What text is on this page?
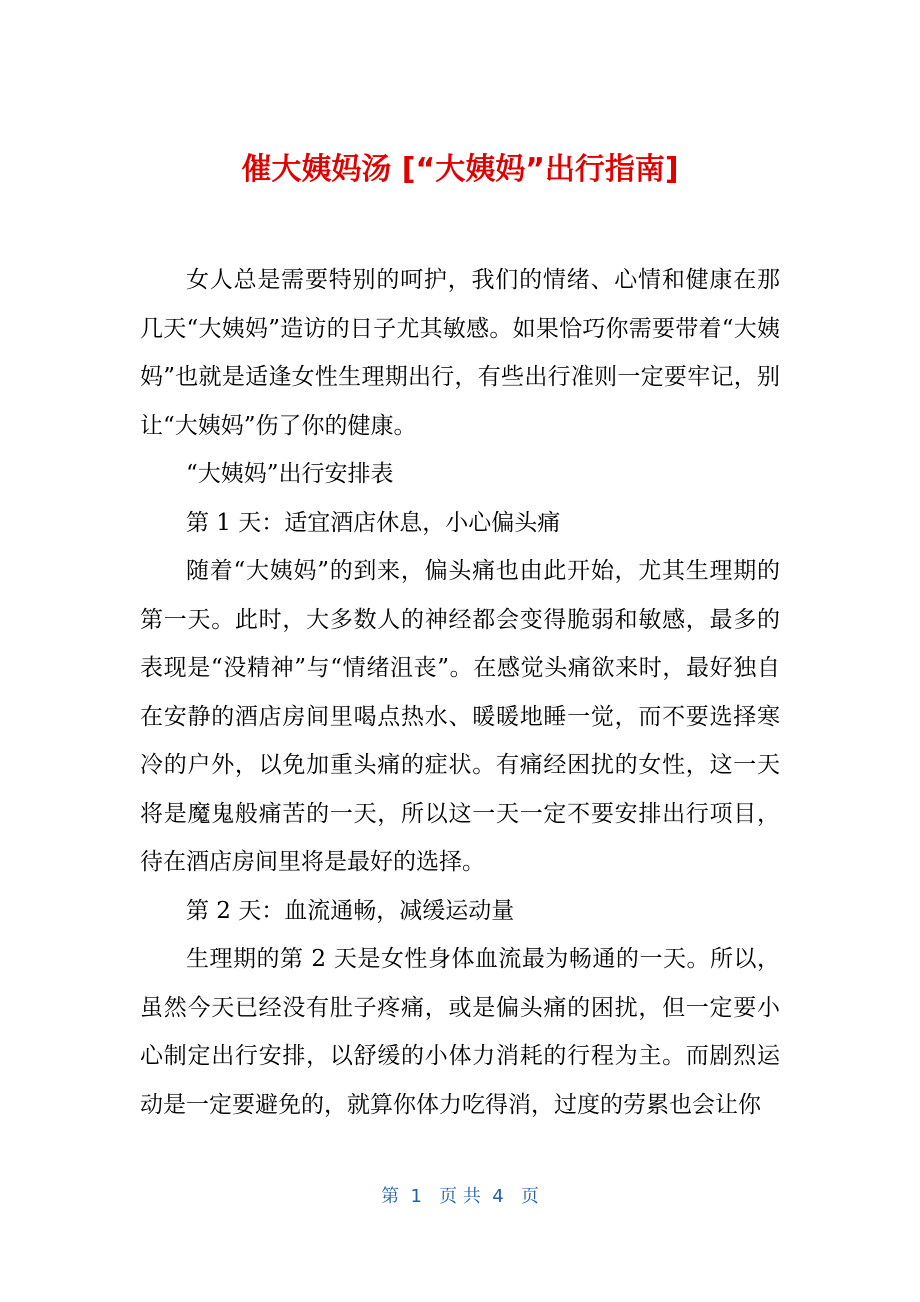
催大姨妈汤 [“大姨妈”出行指南]

女人总是需要特别的呵护，我们的情绪、心情和健康在那几天“大姨妈”造访的日子尤其敏感。如果恰巧你需要带着“大姨妈”也就是适逢女性生理期出行，有些出行准则一定要牢记，别让“大姨妈”伤了你的健康。

“大姨妈”出行安排表

第 1 天：适宜酒店休息，小心偏头痛

随着“大姨妈”的到来，偏头痛也由此开始，尤其生理期的第一天。此时，大多数人的神经都会变得脆弱和敏感，最多的表现是“没精神”与“情绪沮丧”。在感觉头痛欲来时，最好独自在安静的酒店房间里喝点热水、暖暖地睡一觉，而不要选择寒冷的户外，以免加重头痛的症状。有痛经困扰的女性，这一天将是魔鬼般痛苦的一天，所以这一天一定不要安排出行项目，待在酒店房间里将是最好的选择。

第 2 天：血流通畅，减缓运动量

生理期的第 2 天是女性身体血流最为畅通的一天。所以，虽然今天已经没有肚子疼痛，或是偏头痛的困扰，但一定要小心制定出行安排，以舒缓的小体力消耗的行程为主。而剧烈运动是一定要避免的，就算你体力吃得消，过度的劳累也会让你

第  1   页 共  4   页
